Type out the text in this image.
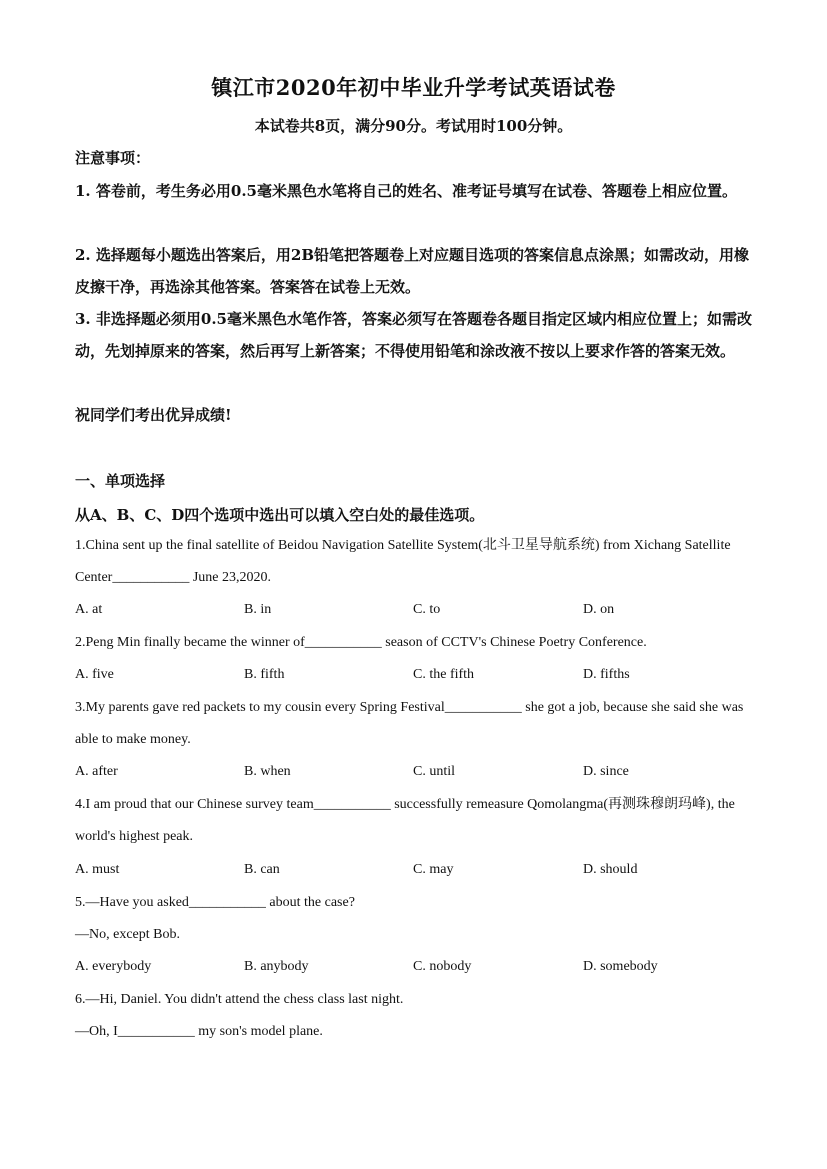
镇江市2020年初中毕业升学考试英语试卷
本试卷共8页，满分90分。考试用时100分钟。
注意事项：
1. 答卷前，考生务必用0.5毫米黑色水笔将自己的姓名、准考证号填写在试卷、答题卷上相应位置。
2. 选择题每小题选出答案后，用2B铅笔把答题卷上对应题目选项的答案信息点涂黑；如需改动，用橡皮擦干净，再选涂其他答案。答案答在试卷上无效。
3. 非选择题必须用0.5毫米黑色水笔作答，答案必须写在答题卷各题目指定区域内相应位置上；如需改动，先划掉原来的答案，然后再写上新答案；不得使用铅笔和涂改液不按以上要求作答的答案无效。
祝同学们考出优异成绩!
一、单项选择
从A、B、C、D四个选项中选出可以填入空白处的最佳选项。
1.China sent up the final satellite of Beidou Navigation Satellite System(北斗卫星导航系统) from Xichang Satellite Center___________ June 23,2020.
A. at	B. in	C. to	D. on
2.Peng Min finally became the winner of___________ season of CCTV's Chinese Poetry Conference.
A. five	B. fifth	C. the fifth	D. fifths
3.My parents gave red packets to my cousin every Spring Festival___________ she got a job, because she said she was able to make money.
A. after	B. when	C. until	D. since
4.I am proud that our Chinese survey team___________ successfully remeasure Qomolangma(再测珠穆朗玛峰), the world's highest peak.
A. must	B. can	C. may	D. should
5.—Have you asked___________ about the case?
—No, except Bob.
A. everybody	B. anybody	C. nobody	D. somebody
6.—Hi, Daniel. You didn't attend the chess class last night.
—Oh, I___________ my son's model plane.
